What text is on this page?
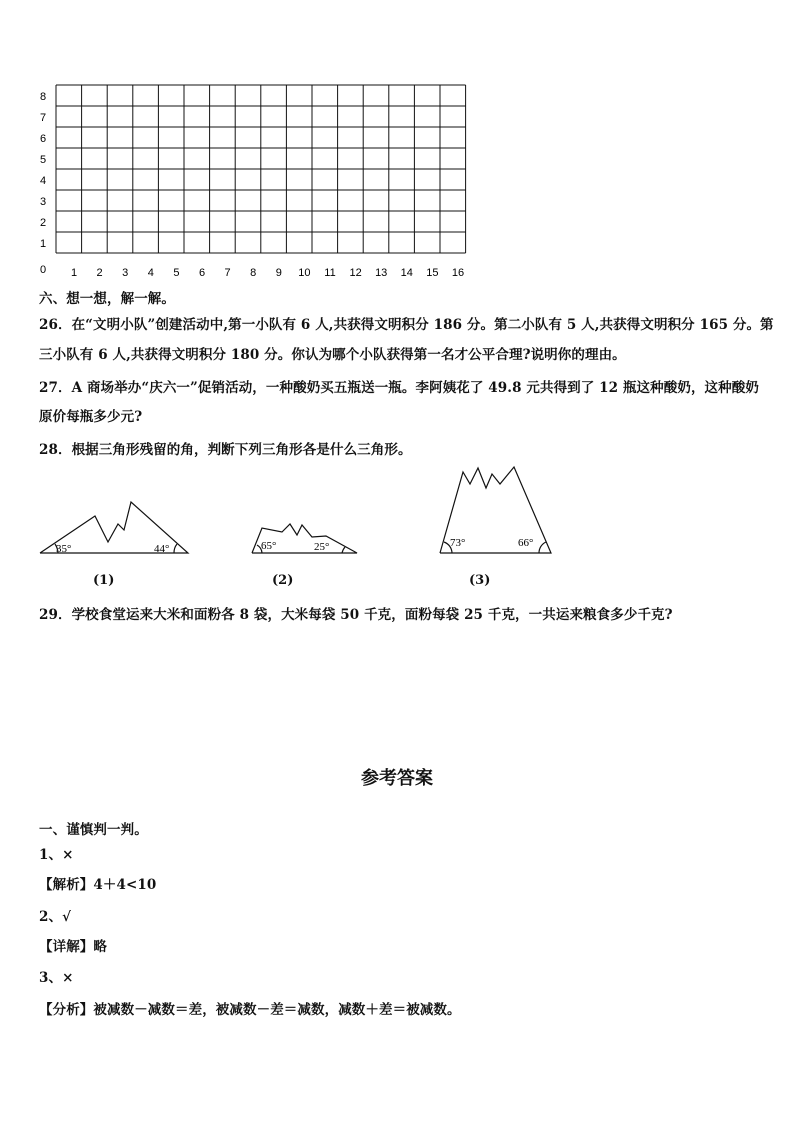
0
1
2
3
4
5
6
7
8
1 2 3 4 5 6 7 8 9 10 11 12 13 14 15 16
六、想一想，解一解。
26．在“文明小队”创建活动中,第一小队有 6 人,共获得文明积分 186 分。第二小队有 5 人,共获得文明积分 165 分。第
三小队有 6 人,共获得文明积分 180 分。你认为哪个小队获得第一名才公平合理?说明你的理由。
27．A 商场举办“庆六一”促销活动，一种酸奶买五瓶送一瓶。李阿姨花了 49.8 元共得到了 12 瓶这种酸奶，这种酸奶
原价每瓶多少元?
28．根据三角形残留的角，判断下列三角形各是什么三角形。
35°	44°	65°	25°	73°	66°
(1)	(2)	(3)
29．学校食堂运来大米和面粉各 8 袋，大米每袋 50 千克，面粉每袋 25 千克，一共运来粮食多少千克?
参考答案
一、谨慎判一判。
1、×
【解析】4＋4<10
2、√
【详解】略
3、×
【分析】被减数－减数＝差，被减数－差＝减数，减数＋差＝被减数。
